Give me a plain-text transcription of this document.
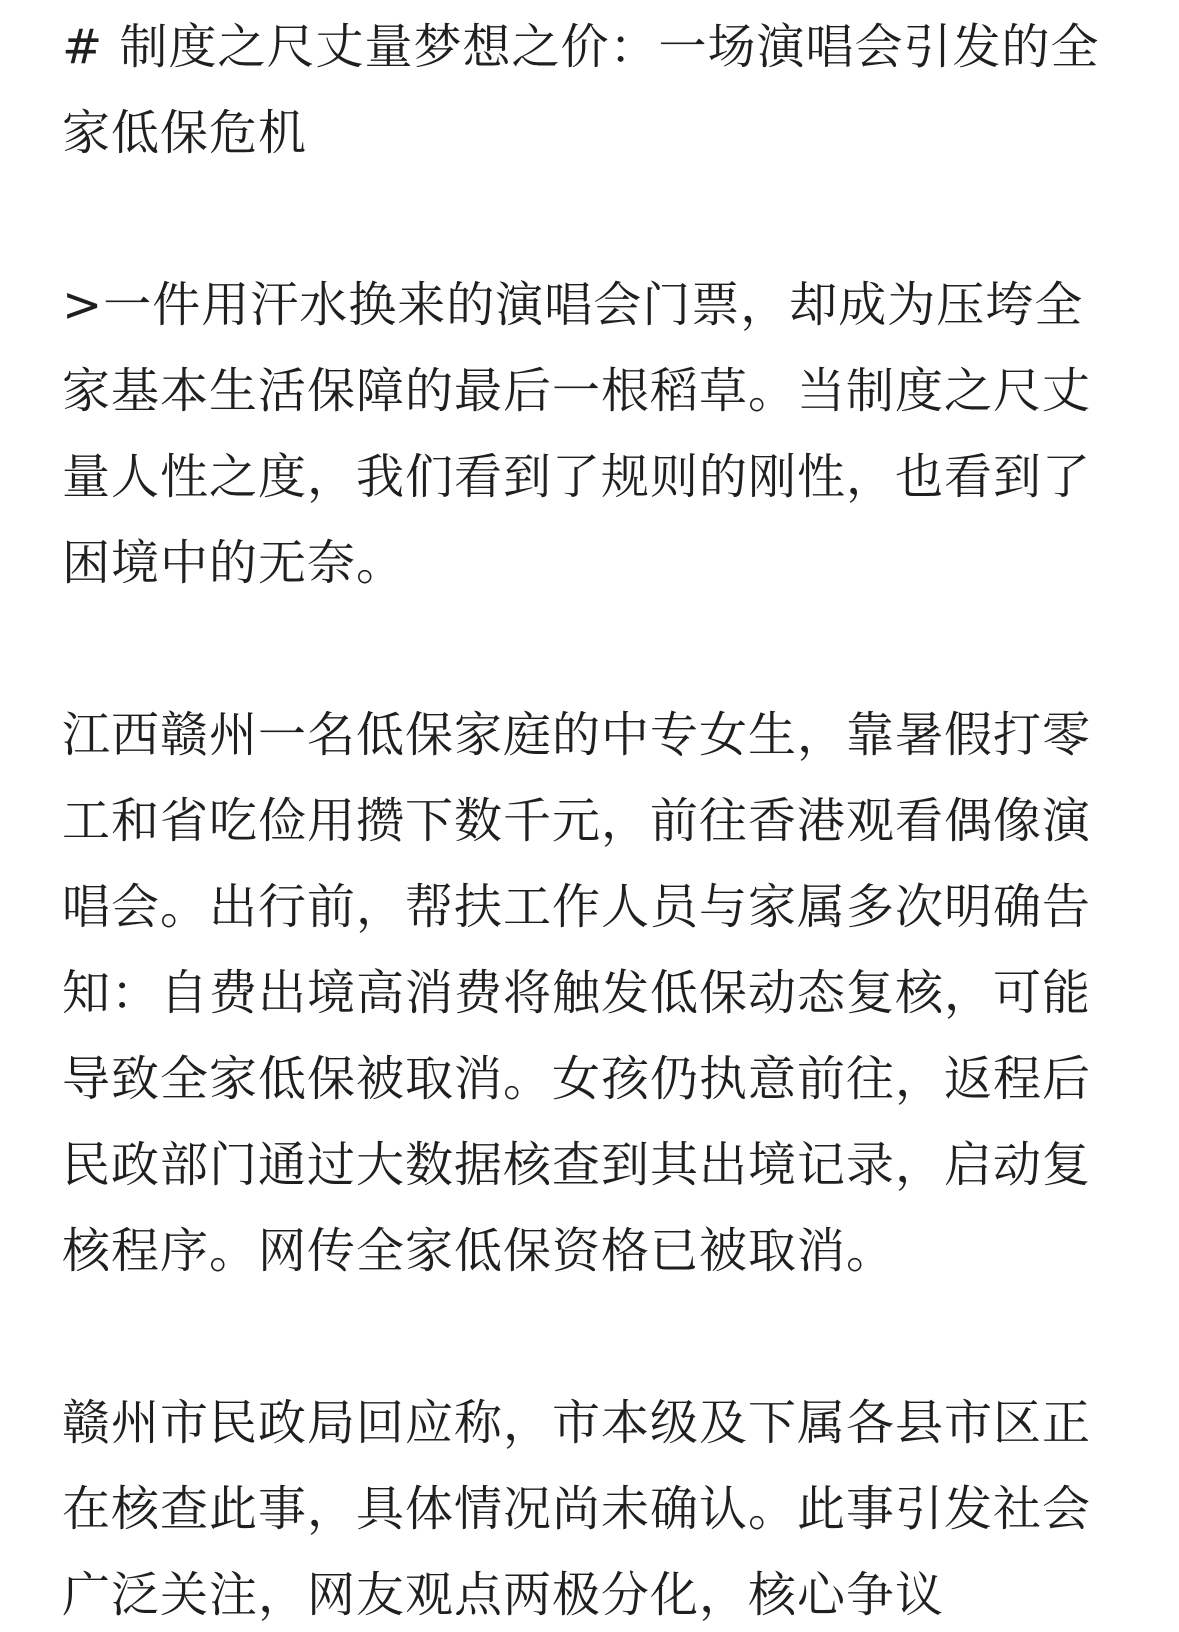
# 制度之尺丈量梦想之价：一场演唱会引发的全家低保危机

>一件用汗水换来的演唱会门票，却成为压垮全家基本生活保障的最后一根稻草。当制度之尺丈量人性之度，我们看到了规则的刚性，也看到了困境中的无奈。

江西赣州一名低保家庭的中专女生，靠暑假打零工和省吃俭用攒下数千元，前往香港观看偶像演唱会。出行前，帮扶工作人员与家属多次明确告知：自费出境高消费将触发低保动态复核，可能导致全家低保被取消。女孩仍执意前往，返程后民政部门通过大数据核查到其出境记录，启动复核程序。网传全家低保资格已被取消。

赣州市民政局回应称，市本级及下属各县市区正在核查此事，具体情况尚未确认。此事引发社会广泛关注，网友观点两极分化，核心争议
